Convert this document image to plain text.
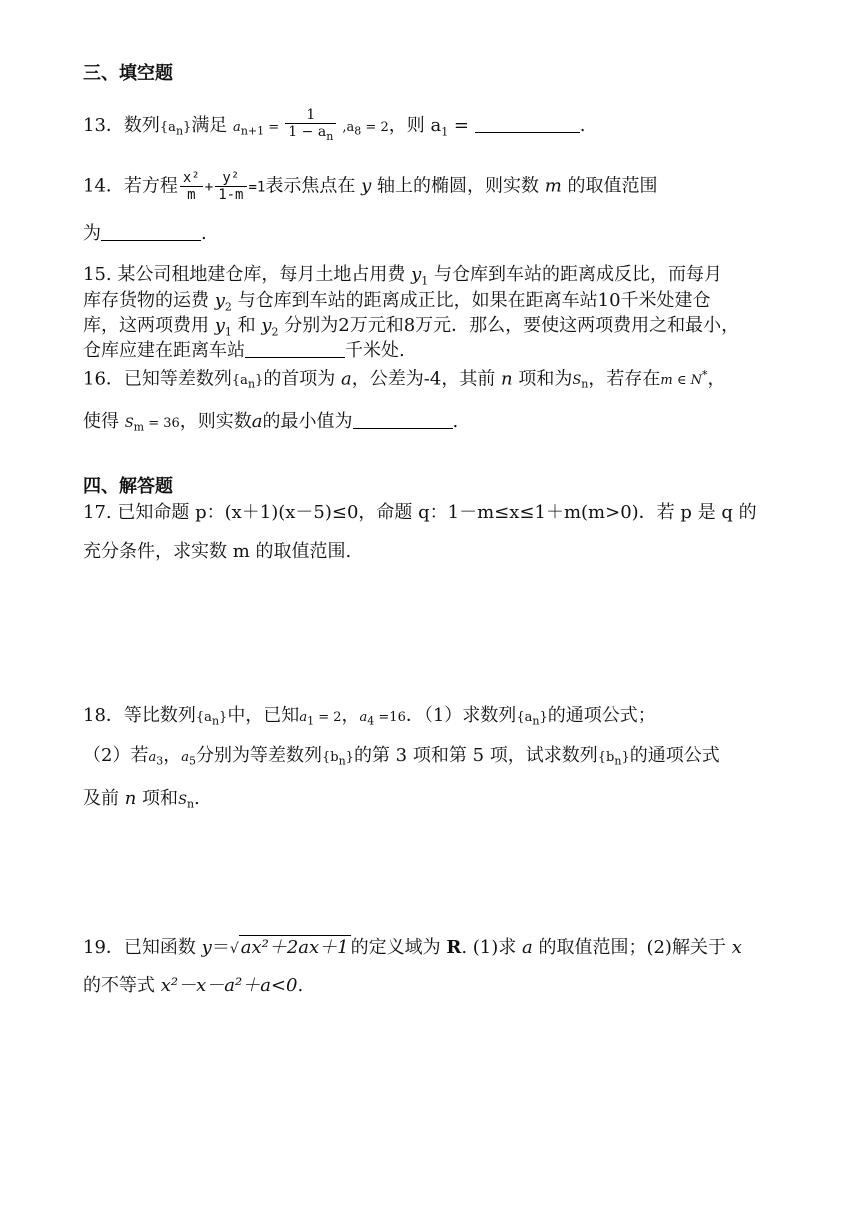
三、填空题
13．数列$\{a_n\}$满足 $a_{n+1} = \frac{1}{1 - a_n} ,a_8 = 2$，则 $a_1$ =	.
14．若方程 $\frac{\text{x²}}{m} + \frac{\text{y²}}{1-m} =1$表示焦点在 y 轴上的椭圆，则实数 m 的取值范围
为	.
15. 某公司租地建仓库，每月土地占用费 $y_1$ 与仓库到车站的距离成反比，而每月
库存货物的运费 $y_2$ 与仓库到车站的距离成正比，如果在距离车站10千米处建仓
库，这两项费用 $y_1$ 和 $y_2$ 分别为2万元和8万元．那么，要使这两项费用之和最小，
仓库应建在距离车站	千米处.
16．已知等差数列$\{a_n\}$的首项为 a，公差为-4，其前 n 项和为$S_n$，若存在m ∈ N*，
使得 $S_m = 36$，则实数a的最小值为	.
四、解答题
17. 已知命题 p：(x＋1)(x－5)≤0，命题 q：1－m≤x≤1＋m(m>0)．若 p 是 q 的
充分条件，求实数 m 的取值范围.
18．等比数列$\{a_n\}$中，已知$a_1 = 2$，$a_4 =16$．（1）求数列$\{a_n\}$的通项公式；
（2）若$a_3$，$a_5$分别为等差数列$\{b_n\}$的第 3 项和第 5 项，试求数列$\{b_n\}$的通项公式
及前 n 项和$S_n$.
19．已知函数 y＝√ ax²＋2ax＋1 的定义域为 R. (1)求 a 的取值范围；(2)解关于 x
的不等式 x²－x－a²＋a<0.
